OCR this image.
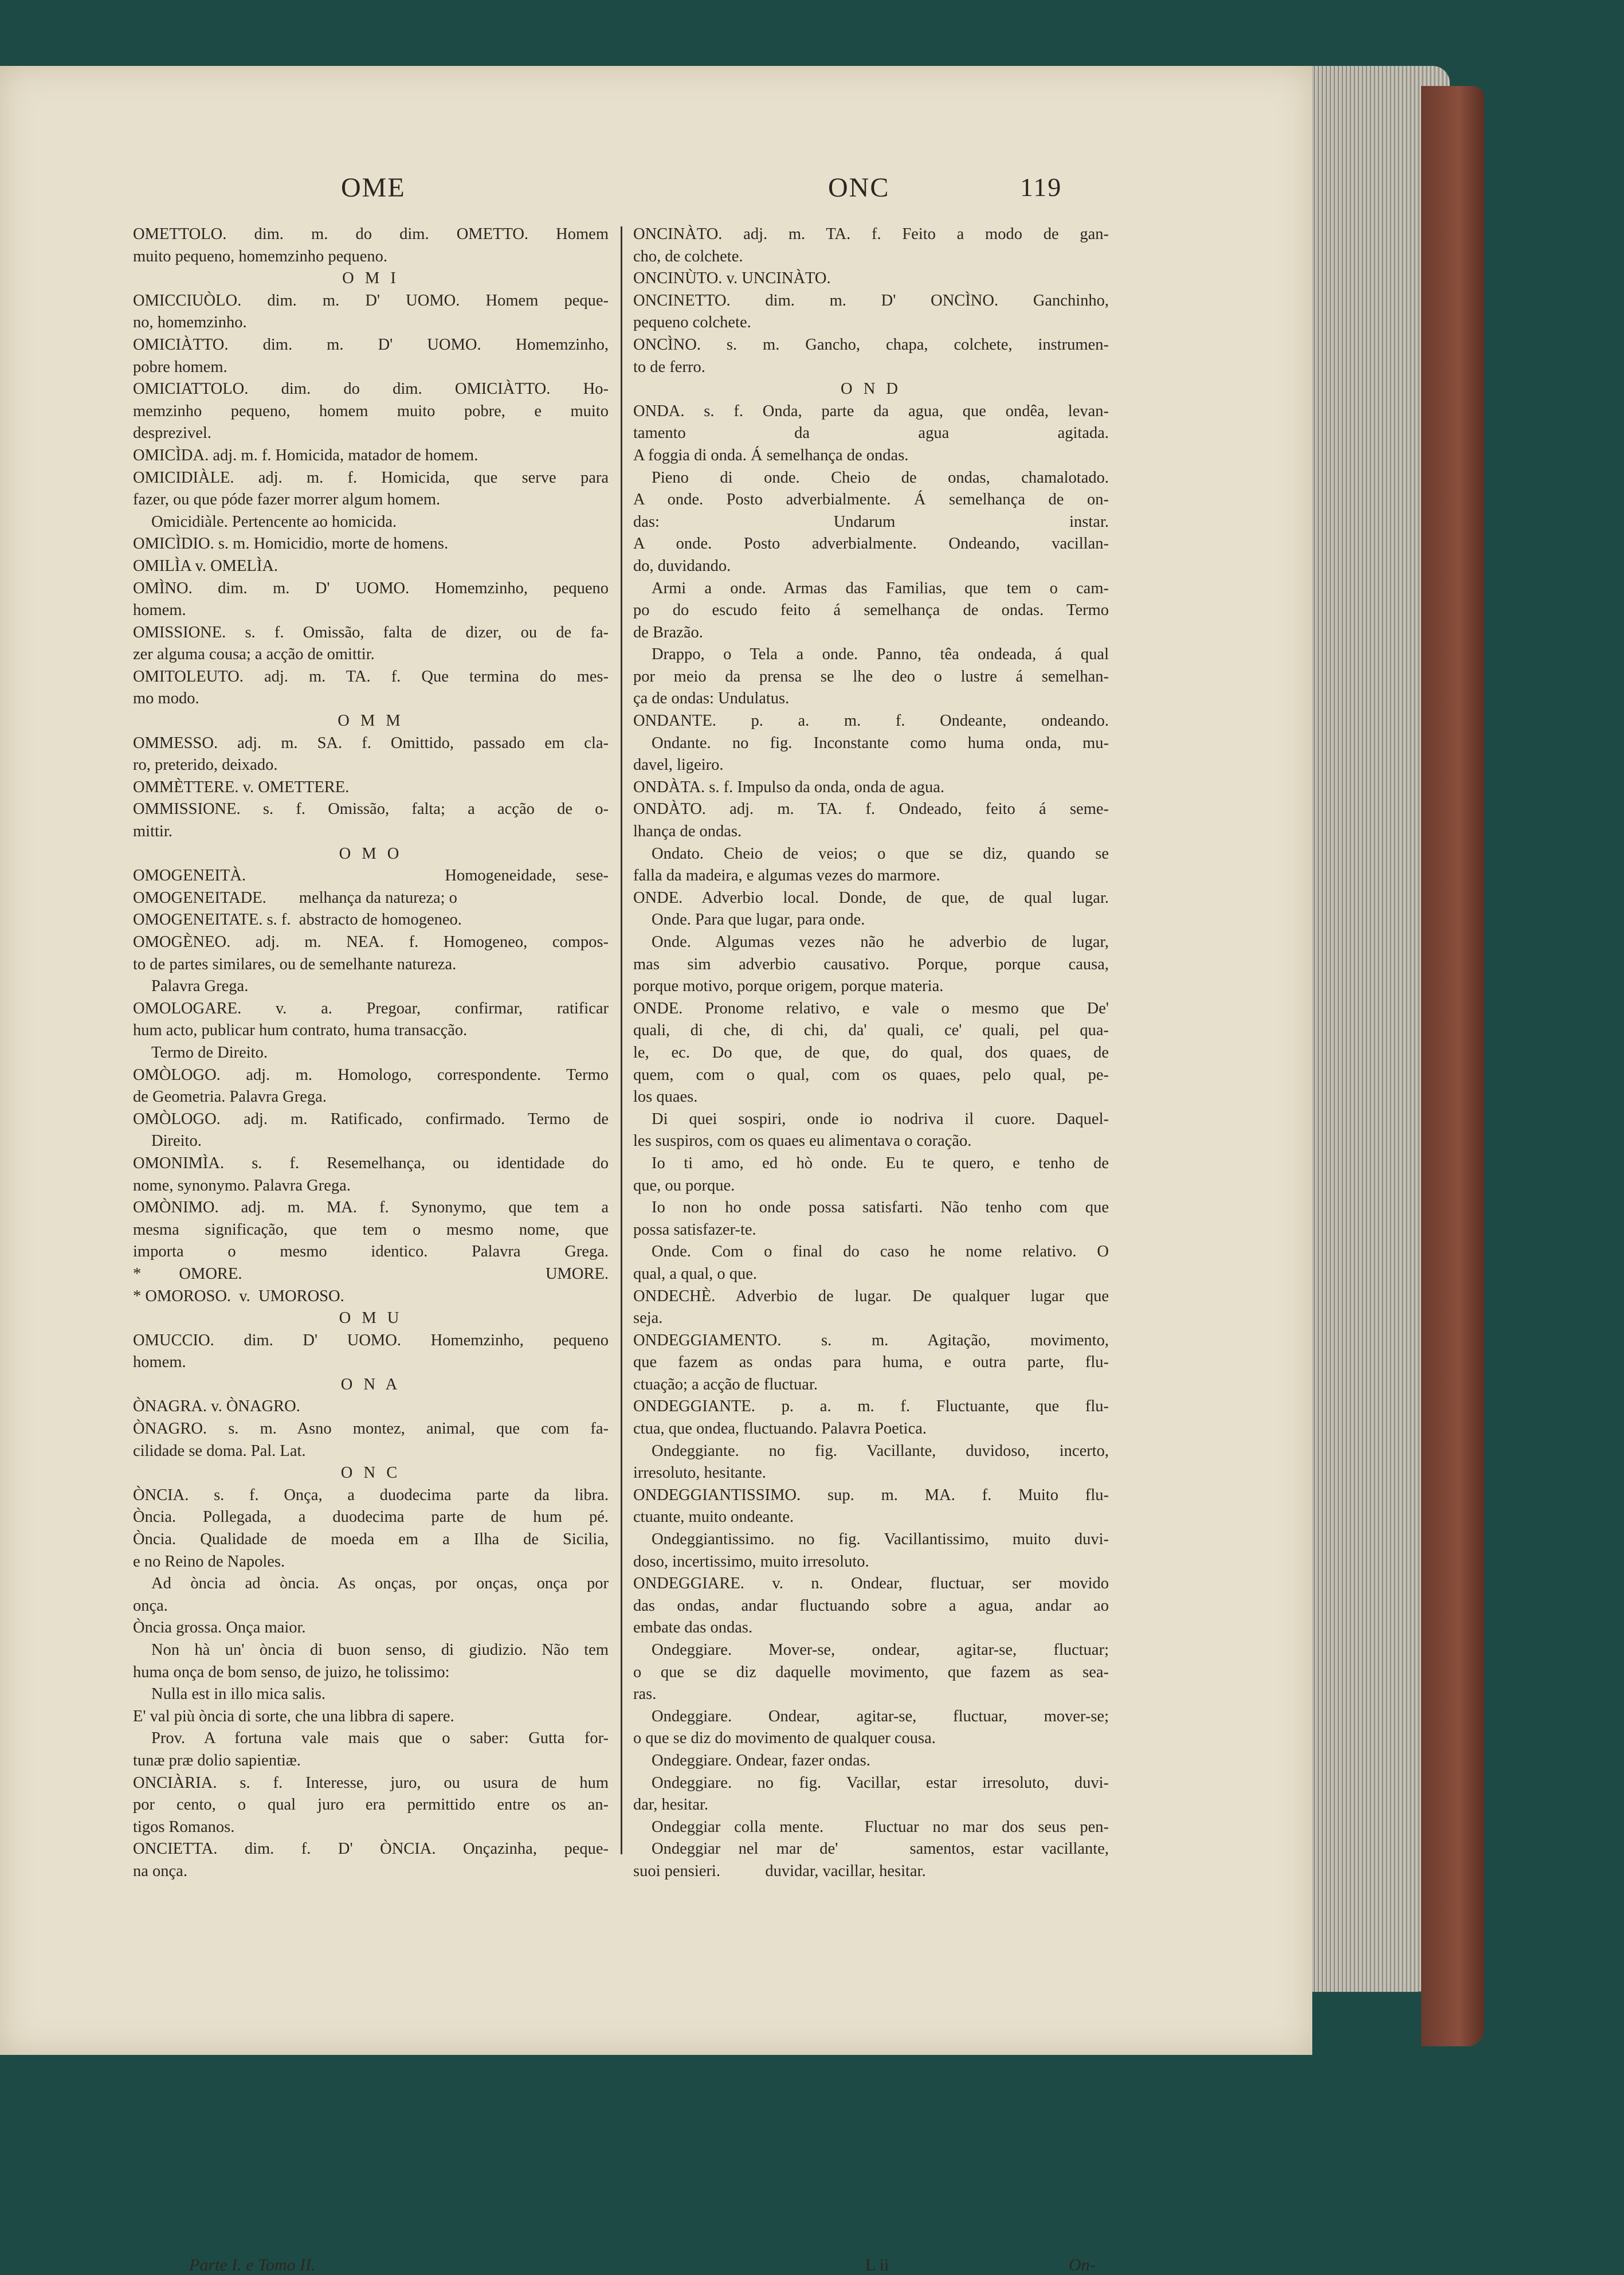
OME	ONC	119
OMETTOLO. dim. m. do dim. OMETTO. Homem
muito pequeno, homemzinho pequeno.
O M I
OMICCIUÒLO. dim. m. D' UOMO. Homem peque-
no, homemzinho.
OMICIÀTTO. dim. m. D' UOMO. Homemzinho,
pobre homem.
OMICIATTOLO. dim. do dim. OMICIÀTTO. Ho-
memzinho pequeno, homem muito pobre, e muito
desprezivel.
OMICÌDA. adj. m. f. Homicida, matador de homem.
OMICIDIÀLE. adj. m. f. Homicida, que serve para
fazer, ou que póde fazer morrer algum homem.
Omicidiàle. Pertencente ao homicida.
OMICÌDIO. s. m. Homicidio, morte de homens.
OMILÌA v. OMELÌA.
OMÌNO. dim. m. D' UOMO. Homemzinho, pequeno
homem.
OMISSIONE. s. f. Omissão, falta de dizer, ou de fa-
zer alguma cousa; a acção de omittir.
OMITOLEUTO. adj. m. TA. f. Que termina do mes-
mo modo.
O M M
OMMESSO. adj. m. SA. f. Omittido, passado em cla-
ro, preterido, deixado.
OMMÈTTERE. v. OMETTERE.
OMMISSIONE. s. f. Omissão, falta; a acção de o-
mittir.
O M O
OMOGENEITÀ.          Homogeneidade, sese-
OMOGENEITADE.        melhança da natureza; o
OMOGENEITATE. s. f.  abstracto de homogeneo.
OMOGÈNEO. adj. m. NEA. f. Homogeneo, compos-
to de partes similares, ou de semelhante natureza.
Palavra Grega.
OMOLOGARE. v. a. Pregoar, confirmar, ratificar
hum acto, publicar hum contrato, huma transacção.
Termo de Direito.
OMÒLOGO. adj. m. Homologo, correspondente. Termo
de Geometria. Palavra Grega.
OMÒLOGO. adj. m. Ratificado, confirmado. Termo de
Direito.
OMONIMÌA. s. f. Resemelhança, ou identidade do
nome, synonymo. Palavra Grega.
OMÒNIMO. adj. m. MA. f. Synonymo, que tem a
mesma significação, que tem o mesmo nome, que
importa o mesmo identico. Palavra Grega.
* OMORE.        UMORE.
* OMOROSO.  v.  UMOROSO.
O M U
OMUCCIO. dim. D' UOMO. Homemzinho, pequeno
homem.
O N A
ÒNAGRA. v. ÒNAGRO.
ÒNAGRO. s. m. Asno montez, animal, que com fa-
cilidade se doma. Pal. Lat.
O N C
ÒNCIA. s. f. Onça, a duodecima parte da libra.
Òncia. Pollegada, a duodecima parte de hum pé.
Òncia. Qualidade de moeda em a Ilha de Sicilia,
e no Reino de Napoles.
Ad òncia ad òncia. As onças, por onças, onça por
onça.
Òncia grossa. Onça maior.
Non hà un' òncia di buon senso, di giudizio. Não tem
huma onça de bom senso, de juizo, he tolissimo:
Nulla est in illo mica salis.
E' val più òncia di sorte, che una libbra di sapere.
Prov. A fortuna vale mais que o saber: Gutta for-
tunæ præ dolio sapientiæ.
ONCIÀRIA. s. f. Interesse, juro, ou usura de hum
por cento, o qual juro era permittido entre os an-
tigos Romanos.
ONCIETTA. dim. f. D' ÒNCIA. Onçazinha, peque-
na onça.
ONCINÀTO. adj. m. TA. f. Feito a modo de gan-
cho, de colchete.
ONCINÙTO. v. UNCINÀTO.
ONCINETTO. dim. m. D' ONCÌNO. Ganchinho,
pequeno colchete.
ONCÌNO. s. m. Gancho, chapa, colchete, instrumen-
to de ferro.
O N D
ONDA. s. f. Onda, parte da agua, que ondêa, levan-
tamento da agua agitada.
A foggia di onda. Á semelhança de ondas.
Pieno di onde. Cheio de ondas, chamalotado.
A onde. Posto adverbialmente. Á semelhança de on-
das: Undarum instar.
A onde. Posto adverbialmente. Ondeando, vacillan-
do, duvidando.
Armi a onde. Armas das Familias, que tem o cam-
po do escudo feito á semelhança de ondas. Termo
de Brazão.
Drappo, o Tela a onde. Panno, têa ondeada, á qual
por meio da prensa se lhe deo o lustre á semelhan-
ça de ondas: Undulatus.
ONDANTE. p. a. m. f. Ondeante, ondeando.
Ondante. no fig. Inconstante como huma onda, mu-
davel, ligeiro.
ONDÀTA. s. f. Impulso da onda, onda de agua.
ONDÀTO. adj. m. TA. f. Ondeado, feito á seme-
lhança de ondas.
Ondato. Cheio de veios; o que se diz, quando se
falla da madeira, e algumas vezes do marmore.
ONDE. Adverbio local. Donde, de que, de qual lugar.
Onde. Para que lugar, para onde.
Onde. Algumas vezes não he adverbio de lugar,
mas sim adverbio causativo. Porque, porque causa,
porque motivo, porque origem, porque materia.
ONDE. Pronome relativo, e vale o mesmo que De'
quali, di che, di chi, da' quali, ce' quali, pel qua-
le, ec. Do que, de que, do qual, dos quaes, de
quem, com o qual, com os quaes, pelo qual, pe-
los quaes.
Di quei sospiri, onde io nodriva il cuore. Daquel-
les suspiros, com os quaes eu alimentava o coração.
Io ti amo, ed hò onde. Eu te quero, e tenho de
que, ou porque.
Io non ho onde possa satisfarti. Não tenho com que
possa satisfazer-te.
Onde. Com o final do caso he nome relativo. O
qual, a qual, o que.
ONDECHÈ. Adverbio de lugar. De qualquer lugar que
seja.
ONDEGGIAMENTO. s. m. Agitação, movimento,
que fazem as ondas para huma, e outra parte, flu-
ctuação; a acção de fluctuar.
ONDEGGIANTE. p. a. m. f. Fluctuante, que flu-
ctua, que ondea, fluctuando. Palavra Poetica.
Ondeggiante. no fig. Vacillante, duvidoso, incerto,
irresoluto, hesitante.
ONDEGGIANTISSIMO. sup. m. MA. f. Muito flu-
ctuante, muito ondeante.
Ondeggiantissimo. no fig. Vacillantissimo, muito duvi-
doso, incertissimo, muito irresoluto.
ONDEGGIARE. v. n. Ondear, fluctuar, ser movido
das ondas, andar fluctuando sobre a agua, andar ao
embate das ondas.
Ondeggiare. Mover-se, ondear, agitar-se, fluctuar;
o que se diz daquelle movimento, que fazem as sea-
ras.
Ondeggiare. Ondear, agitar-se, fluctuar, mover-se;
o que se diz do movimento de qualquer cousa.
Ondeggiare. Ondear, fazer ondas.
Ondeggiare. no fig. Vacillar, estar irresoluto, duvi-
dar, hesitar.
Ondeggiar colla mente.   Fluctuar no mar dos seus pen-
Ondeggiar nel mar de'    samentos, estar vacillante,
suoi pensieri.           duvidar, vacillar, hesitar.
Parte I. e Tomo II.	L ii	On-
